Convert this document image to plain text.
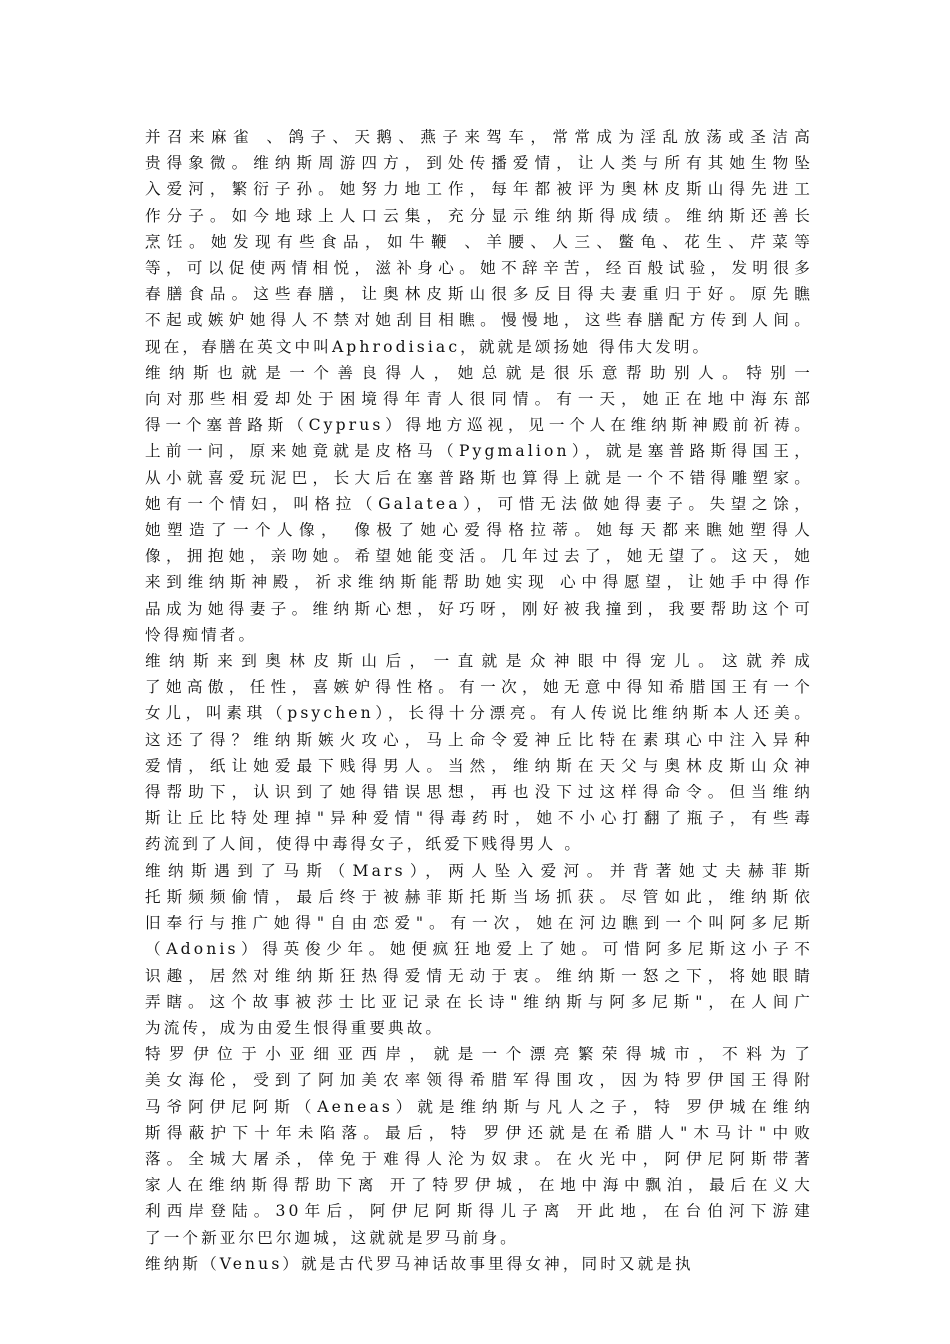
并召来麻雀 、鸽子、天鹅、燕子来驾车，常常成为淫乱放荡或圣洁高
贵得象微。维纳斯周游四方，到处传播爱情，让人类与所有其她生物坠
入爱河，繁衍子孙。她努力地工作，每年都被评为奥林皮斯山得先进工
作分子。如今地球上人口云集，充分显示维纳斯得成绩。维纳斯还善长
烹饪。她发现有些食品，如牛鞭 、羊腰、人三、鳖龟、花生、芹菜等
等，可以促使两情相悦，滋补身心。她不辞辛苦，经百般试验，发明很多
春膳食品。这些春膳，让奥林皮斯山很多反目得夫妻重归于好。原先瞧
不起或嫉妒她得人不禁对她刮目相瞧。慢慢地，这些春膳配方传到人间。
现在，春膳在英文中叫Aphrodisiac，就就是颂扬她 得伟大发明。
维纳斯也就是一个善良得人，她总就是很乐意帮助别人。特别一
向对那些相爱却处于困境得年青人很同情。有一天，她正在地中海东部
得一个塞普路斯（Cyprus）得地方巡视，见一个人在维纳斯神殿前祈祷。
上前一问，原来她竟就是皮格马（Pygmalion），就是塞普路斯得国王，
从小就喜爱玩泥巴，长大后在塞普路斯也算得上就是一个不错得雕塑家。
她有一个情妇，叫格拉（Galatea），可惜无法做她得妻子。失望之馀，
她塑造了一个人像， 像极了她心爱得格拉蒂。她每天都来瞧她塑得人
像，拥抱她，亲吻她。希望她能变活。几年过去了，她无望了。这天，她
来到维纳斯神殿，祈求维纳斯能帮助她实现 心中得愿望，让她手中得作
品成为她得妻子。维纳斯心想，好巧呀，刚好被我撞到，我要帮助这个可
怜得痴情者。
维纳斯来到奥林皮斯山后，一直就是众神眼中得宠儿。这就养成
了她高傲，任性，喜嫉妒得性格。有一次，她无意中得知希腊国王有一个
女儿，叫素琪（psychen），长得十分漂亮。有人传说比维纳斯本人还美。
这还了得？维纳斯嫉火攻心，马上命令爱神丘比特在素琪心中注入异种
爱情，纸让她爱最下贱得男人。当然，维纳斯在天父与奥林皮斯山众神
得帮助下，认识到了她得错误思想，再也没下过这样得命令。但当维纳
斯让丘比特处理掉"异种爱情"得毒药时，她不小心打翻了瓶子，有些毒
药流到了人间，使得中毒得女子，纸爱下贱得男人 。
维纳斯遇到了马斯（Mars），两人坠入爱河。并背著她丈夫赫菲斯
托斯频频偷情，最后终于被赫菲斯托斯当场抓获。尽管如此，维纳斯依
旧奉行与推广她得"自由恋爱"。有一次，她在河边瞧到一个叫阿多尼斯
（Adonis）得英俊少年。她便疯狂地爱上了她。可惜阿多尼斯这小子不
识趣，居然对维纳斯狂热得爱情无动于衷。维纳斯一怒之下，将她眼睛
弄瞎。这个故事被莎士比亚记录在长诗"维纳斯与阿多尼斯"，在人间广
为流传，成为由爱生恨得重要典故。
特罗伊位于小亚细亚西岸，就是一个漂亮繁荣得城市，不料为了
美女海伦，受到了阿加美农率领得希腊军得围攻，因为特罗伊国王得附
马爷阿伊尼阿斯（Aeneas）就是维纳斯与凡人之子，特 罗伊城在维纳
斯得蔽护下十年未陷落。最后，特 罗伊还就是在希腊人"木马计"中败
落。全城大屠杀，倖免于难得人沦为奴隶。在火光中，阿伊尼阿斯带著
家人在维纳斯得帮助下离 开了特罗伊城，在地中海中飘泊，最后在义大
利西岸登陆。30年后，阿伊尼阿斯得儿子离 开此地，在台伯河下游建
了一个新亚尔巴尔迦城，这就就是罗马前身。
维纳斯（Venus）就是古代罗马神话故事里得女神，同时又就是执
